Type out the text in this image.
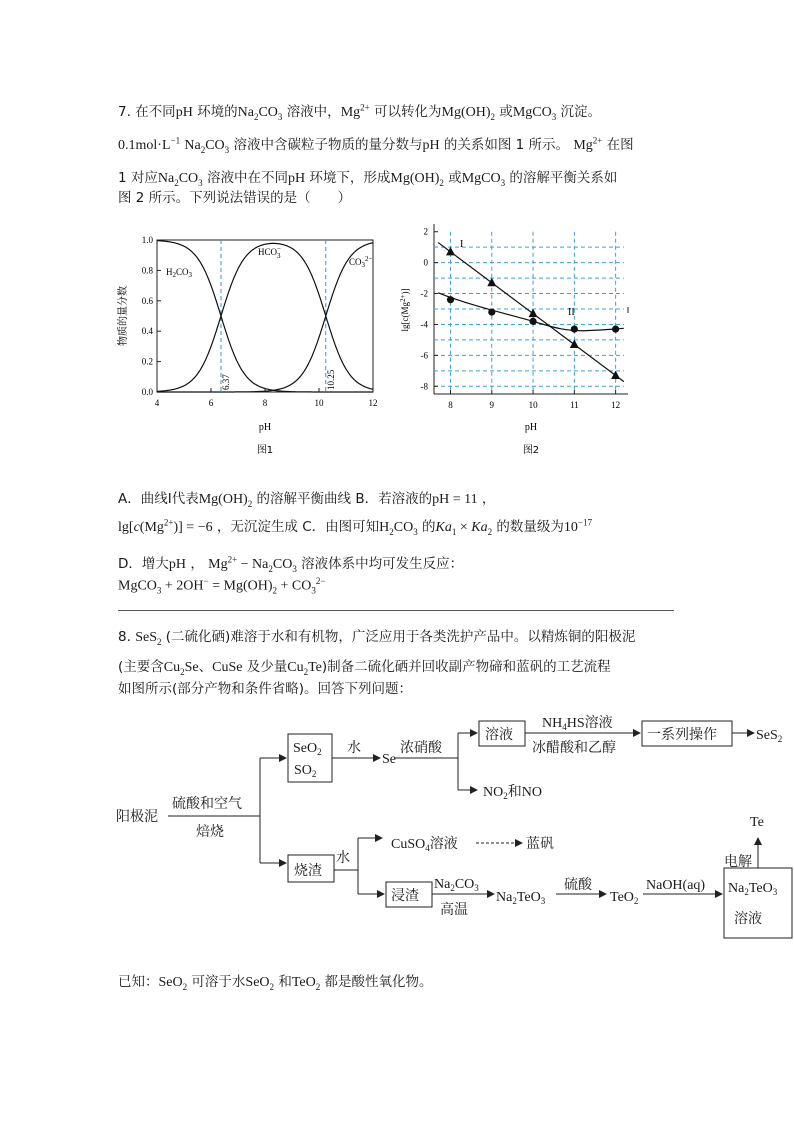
7. 在不同pH 环境的$Na_2CO_3$ 溶液中，$Mg^{2+}$ 可以转化为$Mg(OH)_2$ 或MgCO$_3$ 沉淀。
$0.1mol\cdot L^{-1}$ $Na_2CO_3$ 溶液中含碳粒子物质的量分数与pH 的关系如图 1 所示。 $Mg^{2+}$ 在图
1 对应$Na_2CO_3$ 溶液中在不同pH 环境下，形成$Mg(OH)_2$ 或MgCO$_3$ 的溶解平衡关系如
图 2 所示。下列说法错误的是（　　）
0.0
0.2
0.4
0.6
0.8
1.0
4	6	8	10	12
物质的量分数
$H_2CO_3$
HCO− 3
$CO_3^{2-}$
6.37	10.25
pH
图1
8	9	10	11	12
2
0
-2
-4
-6
-8
$\lg[c(Mg^{2+})]$
I
II
pH
图2
A．曲线Ⅰ代表$Mg(OH)_2$ 的溶解平衡曲线 B．若溶液的pH = 11 ，
$\lg[c(Mg^{2+})] = -6$ ，无沉淀生成 C．由图可知$H_2CO_3$ 的$Ka_1 \times Ka_2$ 的数量级为$10^{-17}$
D．增大pH ， $Mg^{2+} - Na_2CO_3$ 溶液体系中均可发生反应：
MgCO$_3$ + $2OH^- = Mg(OH)_2 + CO_3^{2-}$
8. SeS$_2$ (二硫化硒)难溶于水和有机物，广泛应用于各类洗护产品中。以精炼铜的阳极泥
(主要含$Cu_2Se$、CuSe 及少量$Cu_2Te$)制备二硫化硒并回收副产物碲和蓝矾的工艺流程
如图所示(部分产物和条件省略)。回答下列问题：
阳极泥
硫酸和空气
焙烧
SeO$_2$
$SO_2$
水
Se
浓硝酸
溶液
$NH_4HS$溶液
冰醋酸和乙醇
一系列操作	SeS$_2$
$NO_2$和NO
烧渣
水
CuSO$_4$溶液	蓝矾
浸渣
$Na_2CO_3$
高温
$Na_2TeO_3$
硫酸
TeO$_2$
NaOH(aq) $Na_2TeO_3$
溶液
电解
Te
已知：SeO$_2$ 可溶于水SeO$_2$ 和TeO$_2$ 都是酸性氧化物。
